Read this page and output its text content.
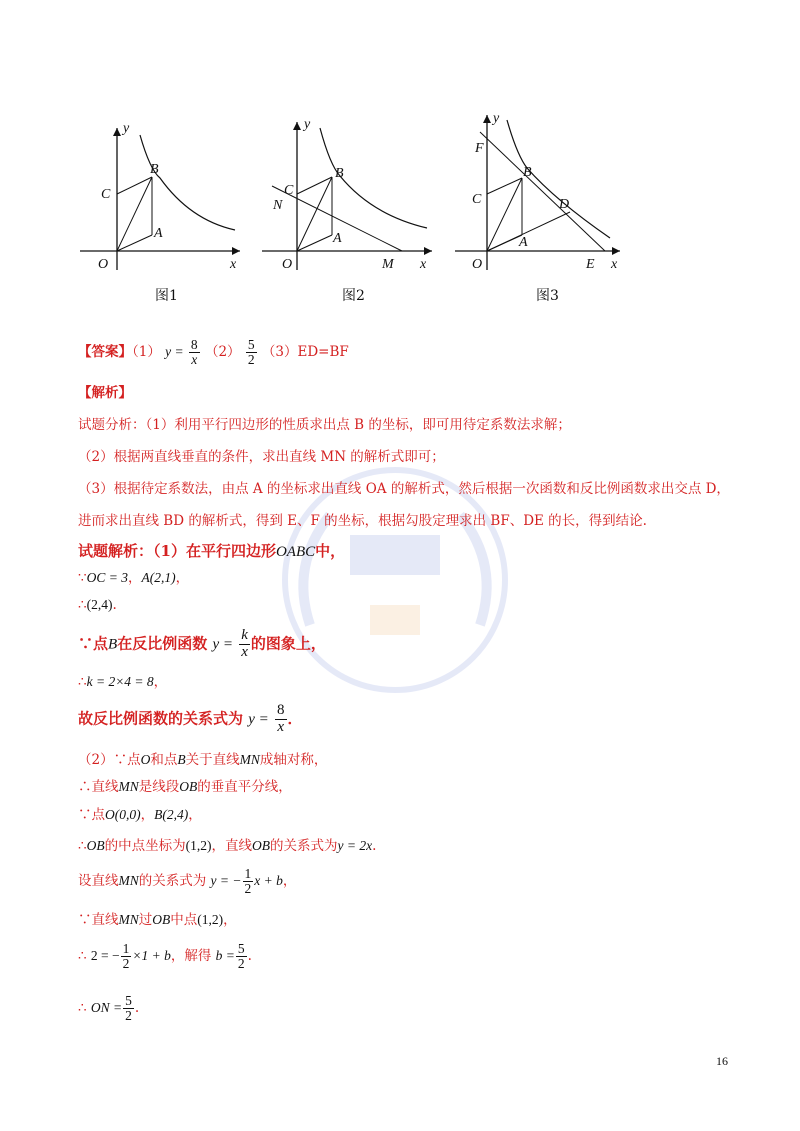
y
x
O
A
B
C
图1
y
x
O
A
B
C
N
M
图2
y
x
O
A
B
C
F
D
E
图3
【答案】（1） $y = \frac{8}{x} (2) \frac{5}{2} (3)ED=BF$
【解析】
试题分析：（1）利用平行四边形的性质求出点 B 的坐标，即可用待定系数法求解；
（2）根据两直线垂直的条件，求出直线 MN 的解析式即可；
（3）根据待定系数法，由点 A 的坐标求出直线 OA 的解析式，然后根据一次函数和反比例函数求出交点 D，
进而求出直线 BD 的解析式，得到 E、F 的坐标，根据勾股定理求出 BF、DE 的长，得到结论.
试题解析：（1）在平行四边形OABC中，
∵OC = 3，A(2,1)，
∴(2,4).
∵点B在反比例函数 $y = \frac{k}{x}$ 的图象上，
∴k = 2×4 = 8，
故反比例函数的关系式为 $y = \frac{8}{x}$ ．
（2）∵点O和点B关于直线MN成轴对称，
∴直线MN是线段OB的垂直平分线，
∵点O(0,0)，B(2,4)，
∴OB的中点坐标为(1,2)，直线OB的关系式为y = 2x.
设直线MN的关系式为 y = − $\frac{1}{2}$ x + b，
∵直线MN过OB中点(1,2)，
∴ 2 = − $\frac{1}{2} \times 1 + b$，解得 $b = \frac{5}{2}$ .
∴ ON = $\frac{5}{2}$ .
16
